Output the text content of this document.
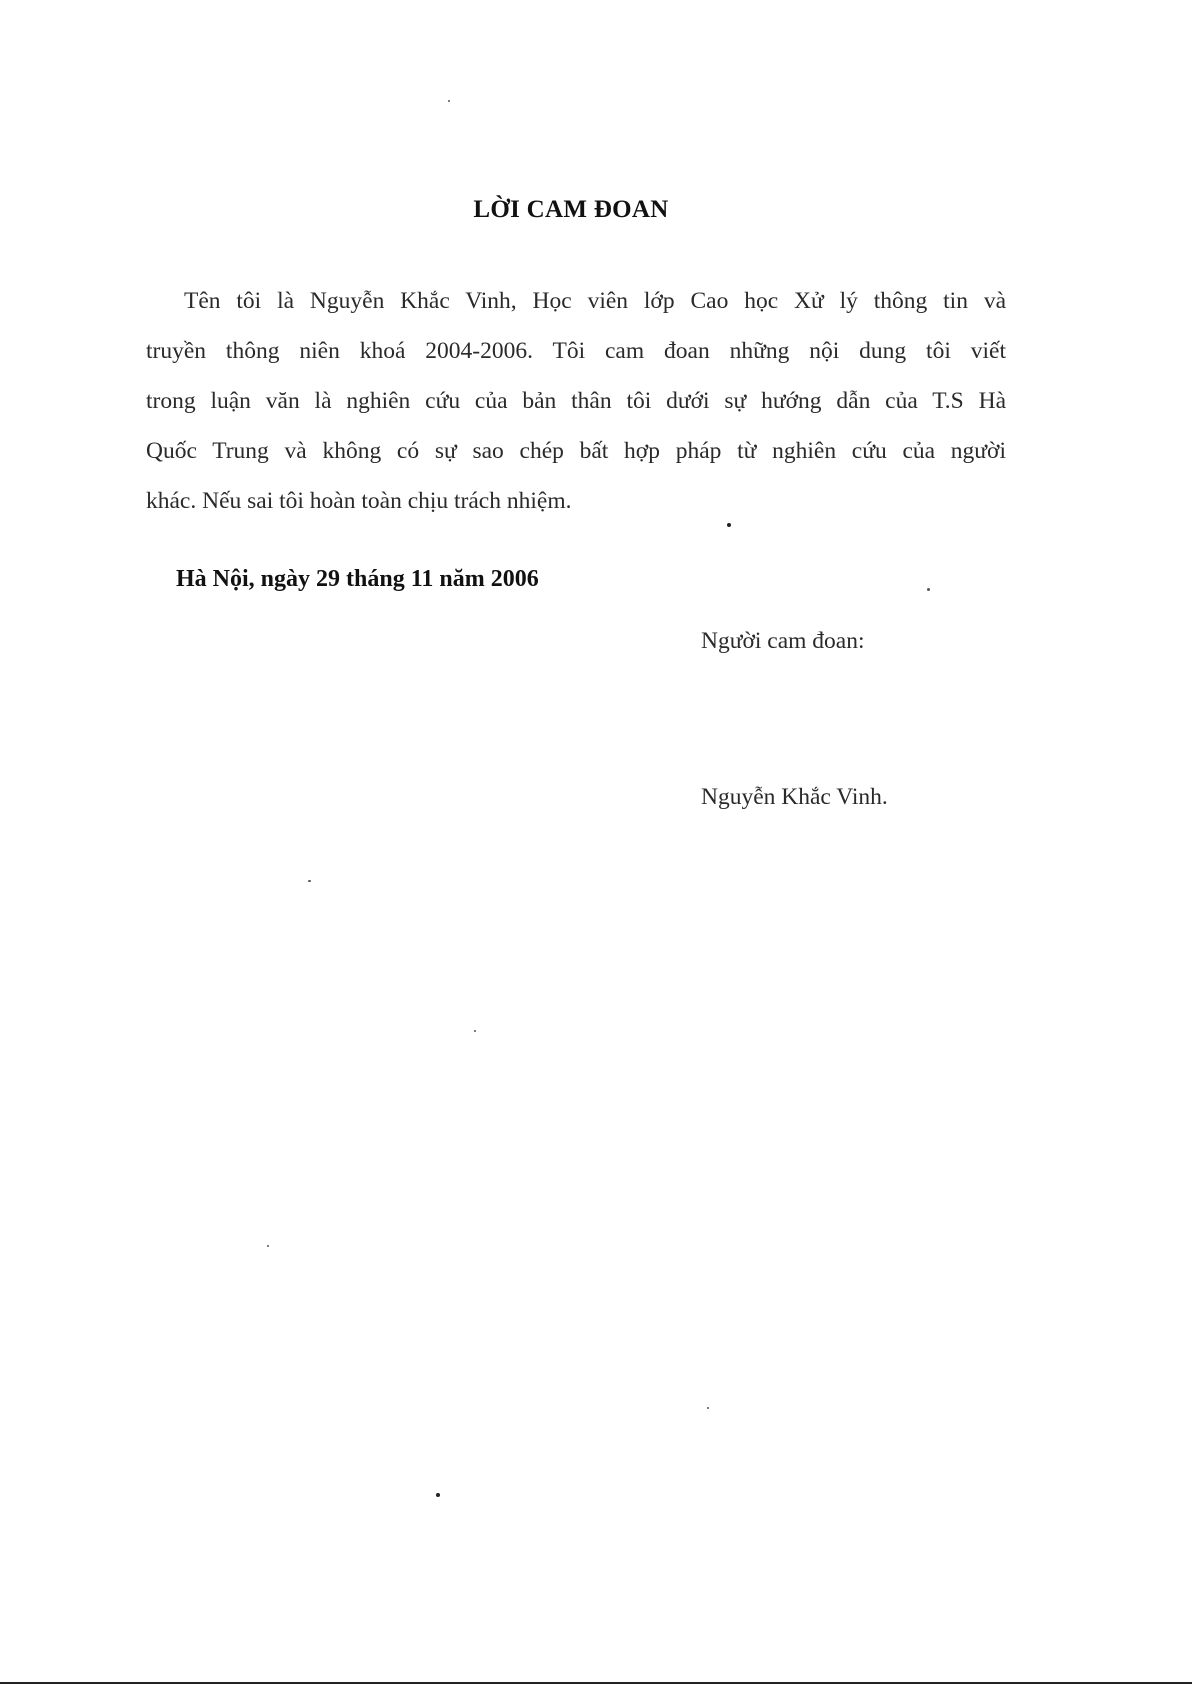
LỜI CAM ĐOAN

Tên tôi là Nguyễn Khắc Vinh, Học viên lớp Cao học Xử lý thông tin và
truyền thông niên khoá 2004-2006. Tôi cam đoan những nội dung tôi viết
trong luận văn là nghiên cứu của bản thân tôi dưới sự hướng dẫn của T.S Hà
Quốc Trung và không có sự sao chép bất hợp pháp từ nghiên cứu của người
khác. Nếu sai tôi hoàn toàn chịu trách nhiệm.

Hà Nội, ngày 29 tháng 11 năm 2006
Người cam đoan:
Nguyễn Khắc Vinh.
